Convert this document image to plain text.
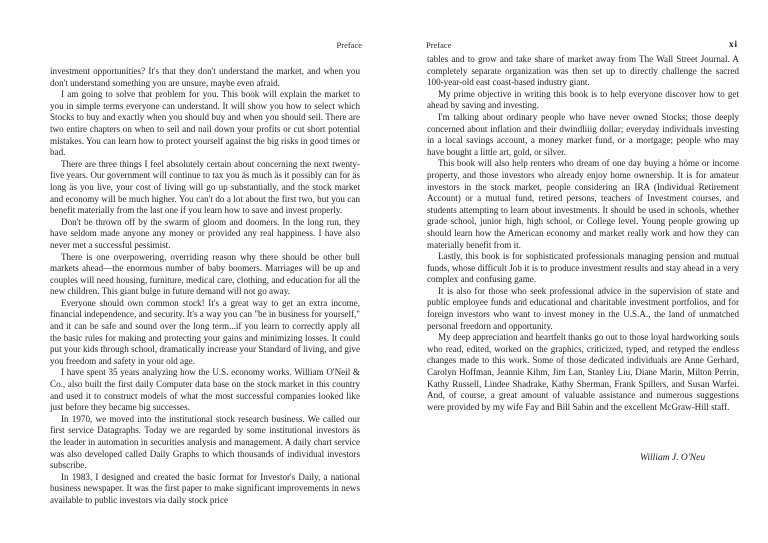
Preface

investment opportunities? It's that they don't understand the market, and when you don't understand something you are unsure, maybe even afraid.

I am going to solve that problem for you. This book will explain the market to you in simple terms everyone can understand. It will show you how to select which Stocks to buy and exactly when you should buy and when you should seil. There are two entire chapters on when to seil and nail down your profits or cut short potential mistakes. You can learn how to protect yourself against the big risks in good times or bad.

There are three things I feel absolutely certain about concerning the next twenty-five years. Our government will continue to tax you äs much äs it possibly can for äs long äs you live, your cost of living will go up substantially, and the stock market and economy will be much higher. You can't do a lot about the first two, but you can benefit materially from the last one if you learn how to save and invest properly.

Don't be thrown off by the swarm of gloom and doomers. In the long run, they have seldom made anyone any money or provided any real happiness. I have also never met a successful pessimist.

There is one overpowering, overriding reason why there should be other bull markets ahead—the enormous number of baby boomers. Marriages will be up and couples will need housing, furniture, medical care, clothing, and education for all the new children. This giant bulge in future demand will not go away.

Everyone should own common stock! It's a great way to get an extra income, financial independence, and security. It's a way you can "be in business for yourself," and it can be safe and sound over the long term...if you learn to correctly apply all the basic rules for making and protecting your gains and minimizing losses. It could put your kids through school, dramatically increase your Standard of living, and give you freedom and safety in your old age.

I have spent 35 years analyzing how the U.S. economy works. William O'Neil & Co., also built the first daily Computer data base on the stock market in this country and used it to construct models of what the most successful companies looked like just before they became big successes.

In 1970, we moved into the institutional stock research business. We called our first service Datagraphs. Today we are regarded by some institutional investors äs the leader in automation in securities analysis and management. A daily chart service was also developed called Daily Graphs to which thousands of individual investors subscribe.

In 1983, I designed and created the basic format for Investor's Daily, a national business newspaper. It was the first paper to make significant improvements in news available to public investors via daily stock price

Preface	xi

tables and to grow and take share of market away from The Wall Street Journal. A completely separate organization was then set up to directly challenge the sacred 100-year-old east coast-based industry giant.

My prime objective in writing this book is to help everyone discover how to get ahead by saving and investing.

I'm talking about ordinary people who have never owned Stocks; those deeply concerned about inflation and their dwindliiig dollar; everyday individuals investing in a local savings account, a money market fund, or a mortgage; people who may have bought a little art, gold, or silver.

This book will also help renters who dream of one day buying a höme or income property, and those investors who already enjoy home ownership. It is for amateur investors in the stock market, people considering an IRA (Individual Retirement Account) or a mutual fund, retired persons, teachers of Investment courses, and students attempting to learn about investments. It should be used in schools, whether grade school, junior high, high school, or College level. Young people growing up should learn how the American economy and market really work and how they can materially benefit from it.

Lastly, this book is for sophisticated professionals managing pension and mutual funds, whose difficult Job it is to produce investment results and stay ahead in a very complex and confusing game.

It is also for those who seek professional advice in the supervision of state and public employee funds and educational and charitable investment portfolios, and for foreign investors who want to invest money in the U.S.A., the land of unmatched personal freedorn and opportunity.

My deep appreciation and heartfelt thanks go out to those loyal hardworking souls who read, edited, worked on the graphics, criticized, typed, and retyped the endless changes made to this work. Some of those dedicated individuals are Anne Gerhard, Carolyn Hoffman, Jeannie Kihm, Jim Lan, Stanley Liu, Diane Marin, Milton Perrin, Kathy Russell, Lindee Shadrake, Kathy Sherman, Frank Spillers, and Susan Warfei. And, of course, a great amount of valuable assistance and numerous suggestions were provided by my wife Fay and Bill Sabin and the excellent McGraw-Hill staff.

William J. O'Neu
